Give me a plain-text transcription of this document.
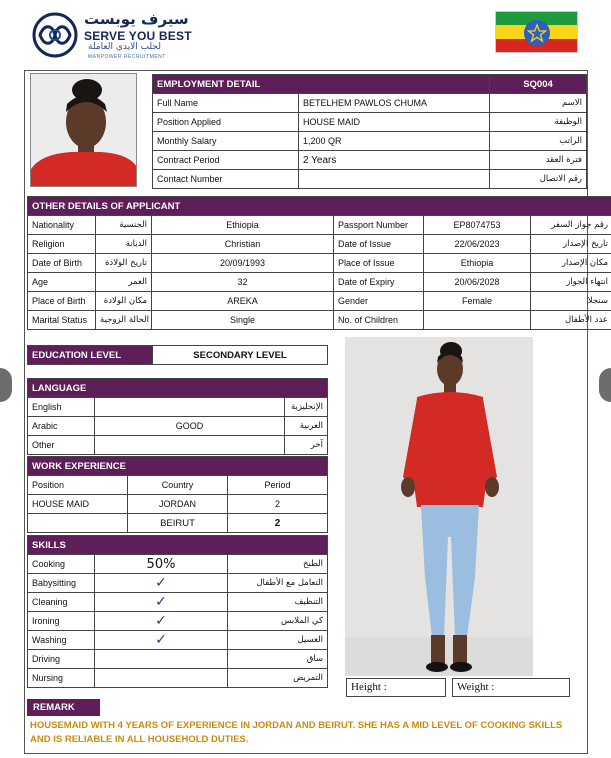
سيرف يوبست
SERVE YOU BEST
لجلب الايدي العاملة
MANPOWER RECRUITMENT
EMPLOYMENT DETAIL		SQ004
Full Name	BETELHEM PAWLOS CHUMA	الاسم
Position Applied	HOUSE MAID	الوظيفة
Monthly Salary	1,200 QR	الراتب
Contract Period	2 Years	فترة العقد
Contact Number		رقم الاتصال
OTHER DETAILS OF APPLICANT					
Nationality	الجنسية	Ethiopia	Passport Number	EP8074753	رقم جواز السفر
Religion	الديانة	Christian	Date of Issue	22/06/2023	تاريخ الإصدار
Date of Birth	تاريخ الولادة	20/09/1993	Place of Issue	Ethiopia	مكان الإصدار
Age	العمر	32	Date of Expiry	20/06/2028	انتهاء الجواز
Place of Birth	مكان الولادة	AREKA	Gender	Female	سنجلا
Marital Status	الحالة الزوجية	Single	No. of Children		عدد الأطفال
EDUCATION LEVEL	SECONDARY LEVEL
LANGUAGE		
English		الإنجليزية
Arabic	GOOD	العربية
Other		آخر
WORK EXPERIENCE		
Position	Country	Period
HOUSE MAID	JORDAN	2
	BEIRUT	2
SKILLS		
Cooking	50%	الطبخ
Babysitting	✓	التعامل مع الأطفال
Cleaning	✓	التنظيف
Ironing	✓	كي الملابس
Washing	✓	الغسيل
Driving		ساق
Nursing		التمريض
Height :	Weight :
REMARK
HOUSEMAID WITH 4 YEARS OF EXPERIENCE IN JORDAN AND BEIRUT. SHE HAS A MID LEVEL OF COOKING SKILLS AND IS RELIABLE IN ALL HOUSEHOLD DUTIES.
